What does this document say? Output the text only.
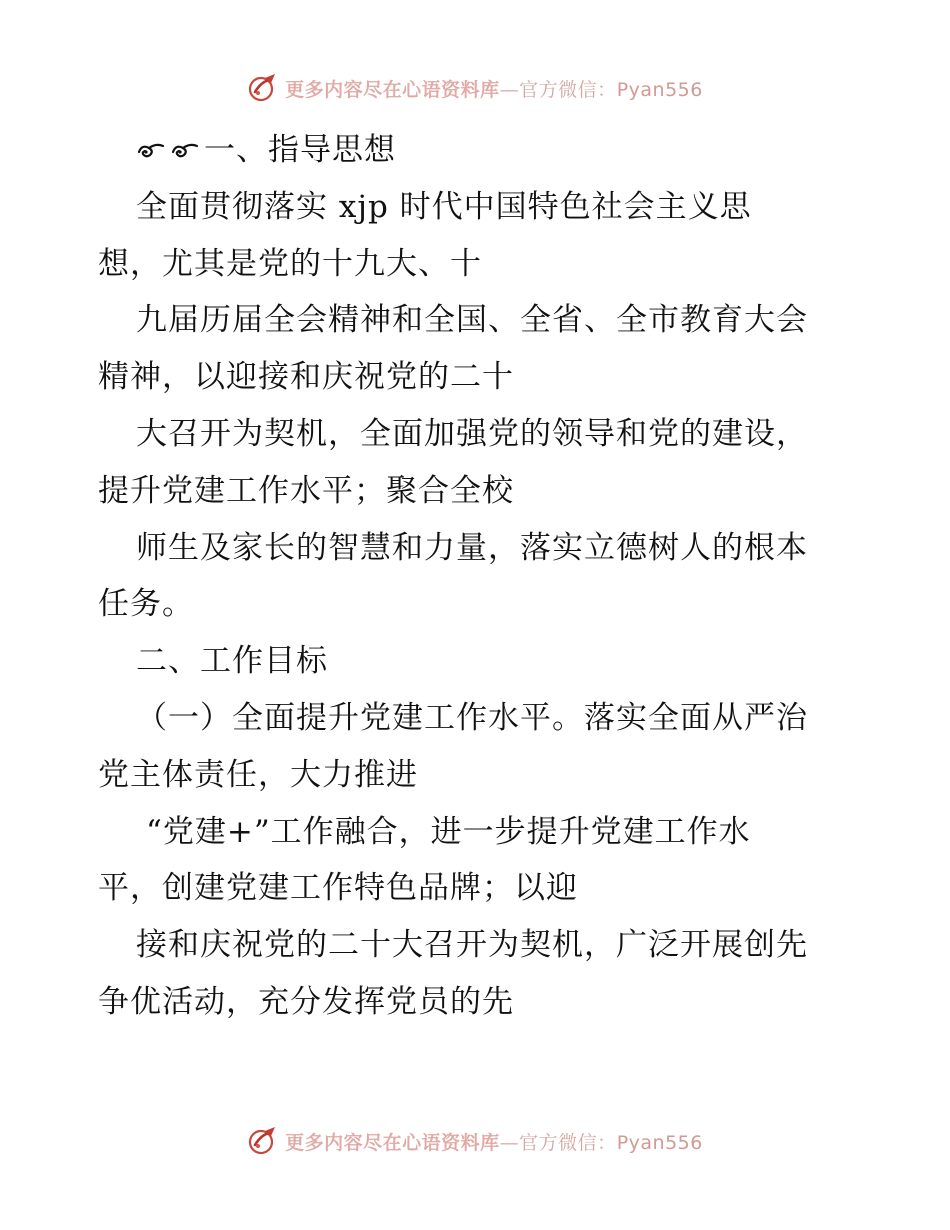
更多内容尽在心语资料库—官方微信：Pyan556
一、指导思想
全面贯彻落实 xjp 时代中国特色社会主义思
想，尤其是党的十九大、十
九届历届全会精神和全国、全省、全市教育大会
精神，以迎接和庆祝党的二十
大召开为契机，全面加强党的领导和党的建设，
提升党建工作水平；聚合全校
师生及家长的智慧和力量，落实立德树人的根本
任务。
二、工作目标
（一）全面提升党建工作水平。落实全面从严治
党主体责任，大力推进
“党建+”工作融合，进一步提升党建工作水
平，创建党建工作特色品牌；以迎
接和庆祝党的二十大召开为契机，广泛开展创先
争优活动，充分发挥党员的先
更多内容尽在心语资料库—官方微信：Pyan556
